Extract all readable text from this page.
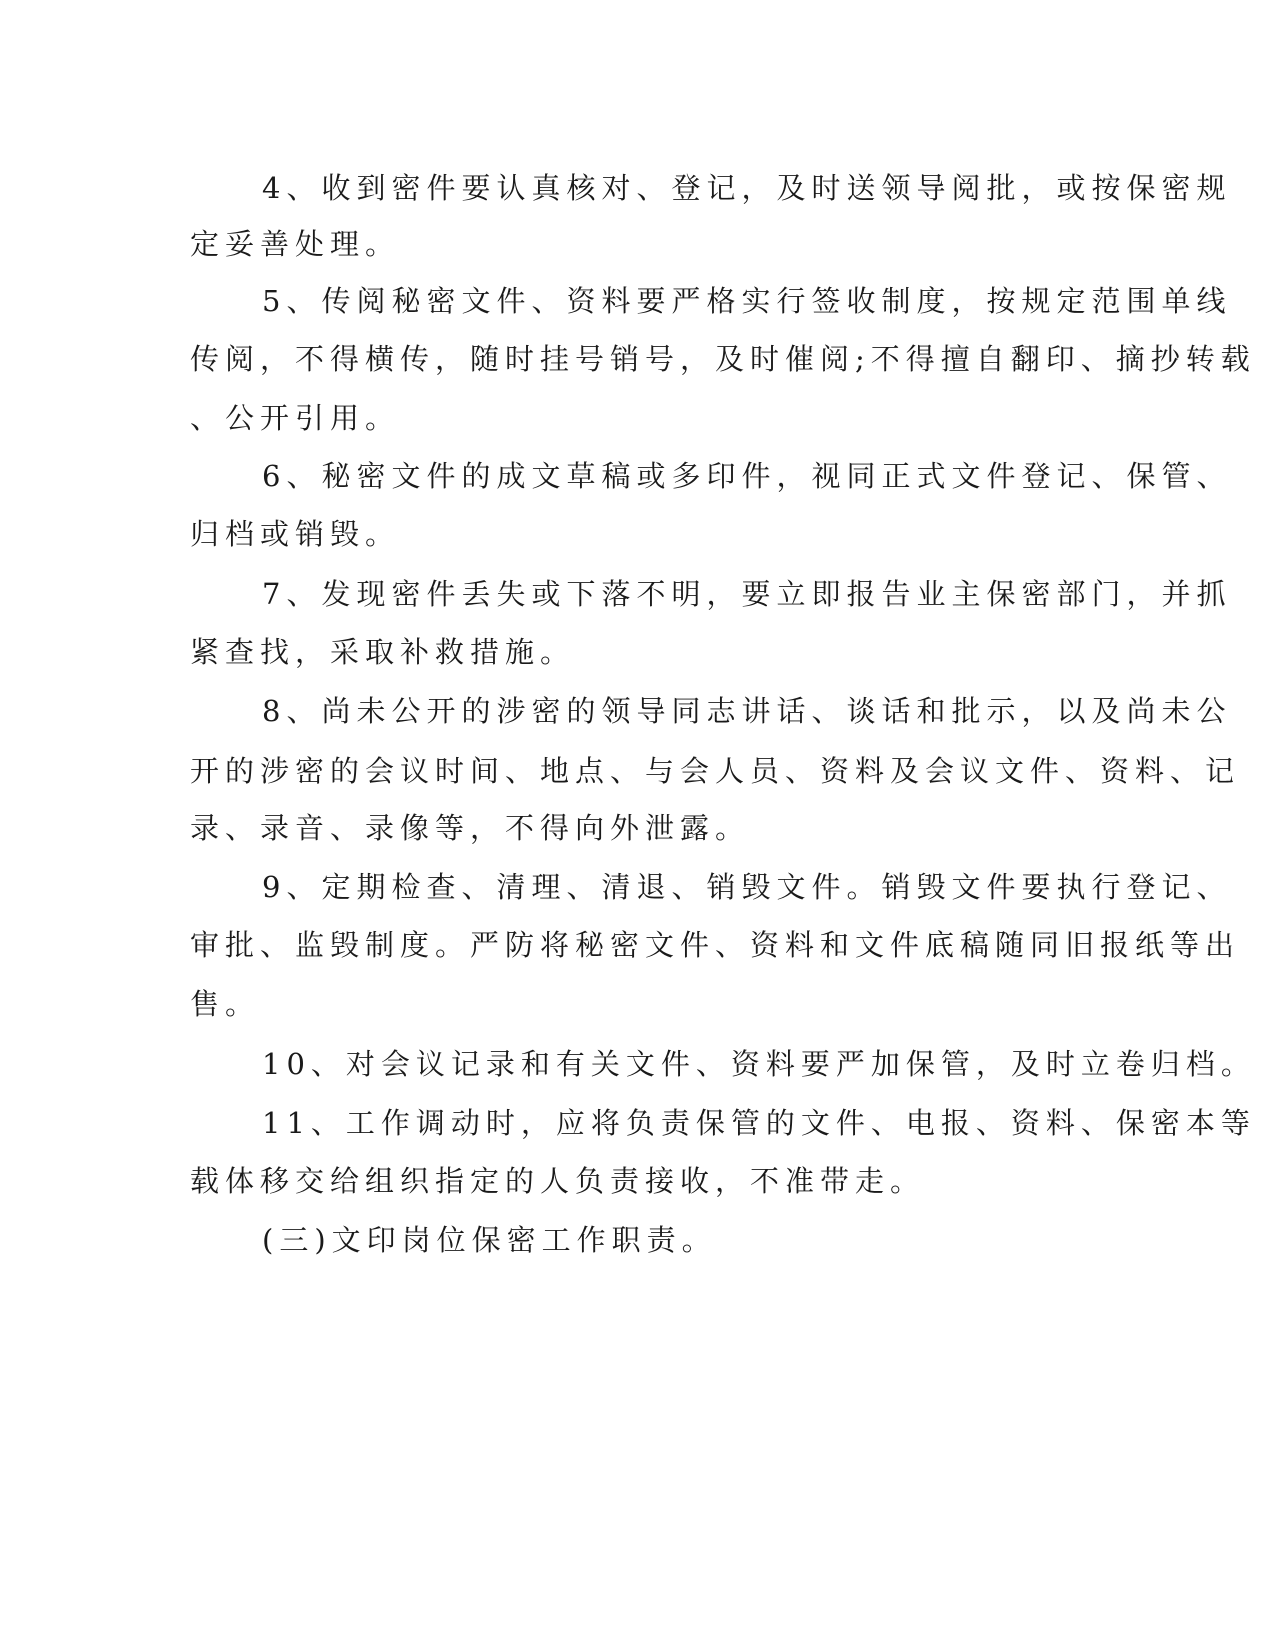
4、收到密件要认真核对、登记，及时送领导阅批，或按保密规
定妥善处理。
5、传阅秘密文件、资料要严格实行签收制度，按规定范围单线
传阅，不得横传，随时挂号销号，及时催阅;不得擅自翻印、摘抄转载
、公开引用。
6、秘密文件的成文草稿或多印件，视同正式文件登记、保管、
归档或销毁。
7、发现密件丢失或下落不明，要立即报告业主保密部门，并抓
紧查找，采取补救措施。
8、尚未公开的涉密的领导同志讲话、谈话和批示，以及尚未公
开的涉密的会议时间、地点、与会人员、资料及会议文件、资料、记
录、录音、录像等，不得向外泄露。
9、定期检查、清理、清退、销毁文件。销毁文件要执行登记、
审批、监毁制度。严防将秘密文件、资料和文件底稿随同旧报纸等出
售。
10、对会议记录和有关文件、资料要严加保管，及时立卷归档。
11、工作调动时，应将负责保管的文件、电报、资料、保密本等
载体移交给组织指定的人负责接收，不准带走。
(三)文印岗位保密工作职责。
